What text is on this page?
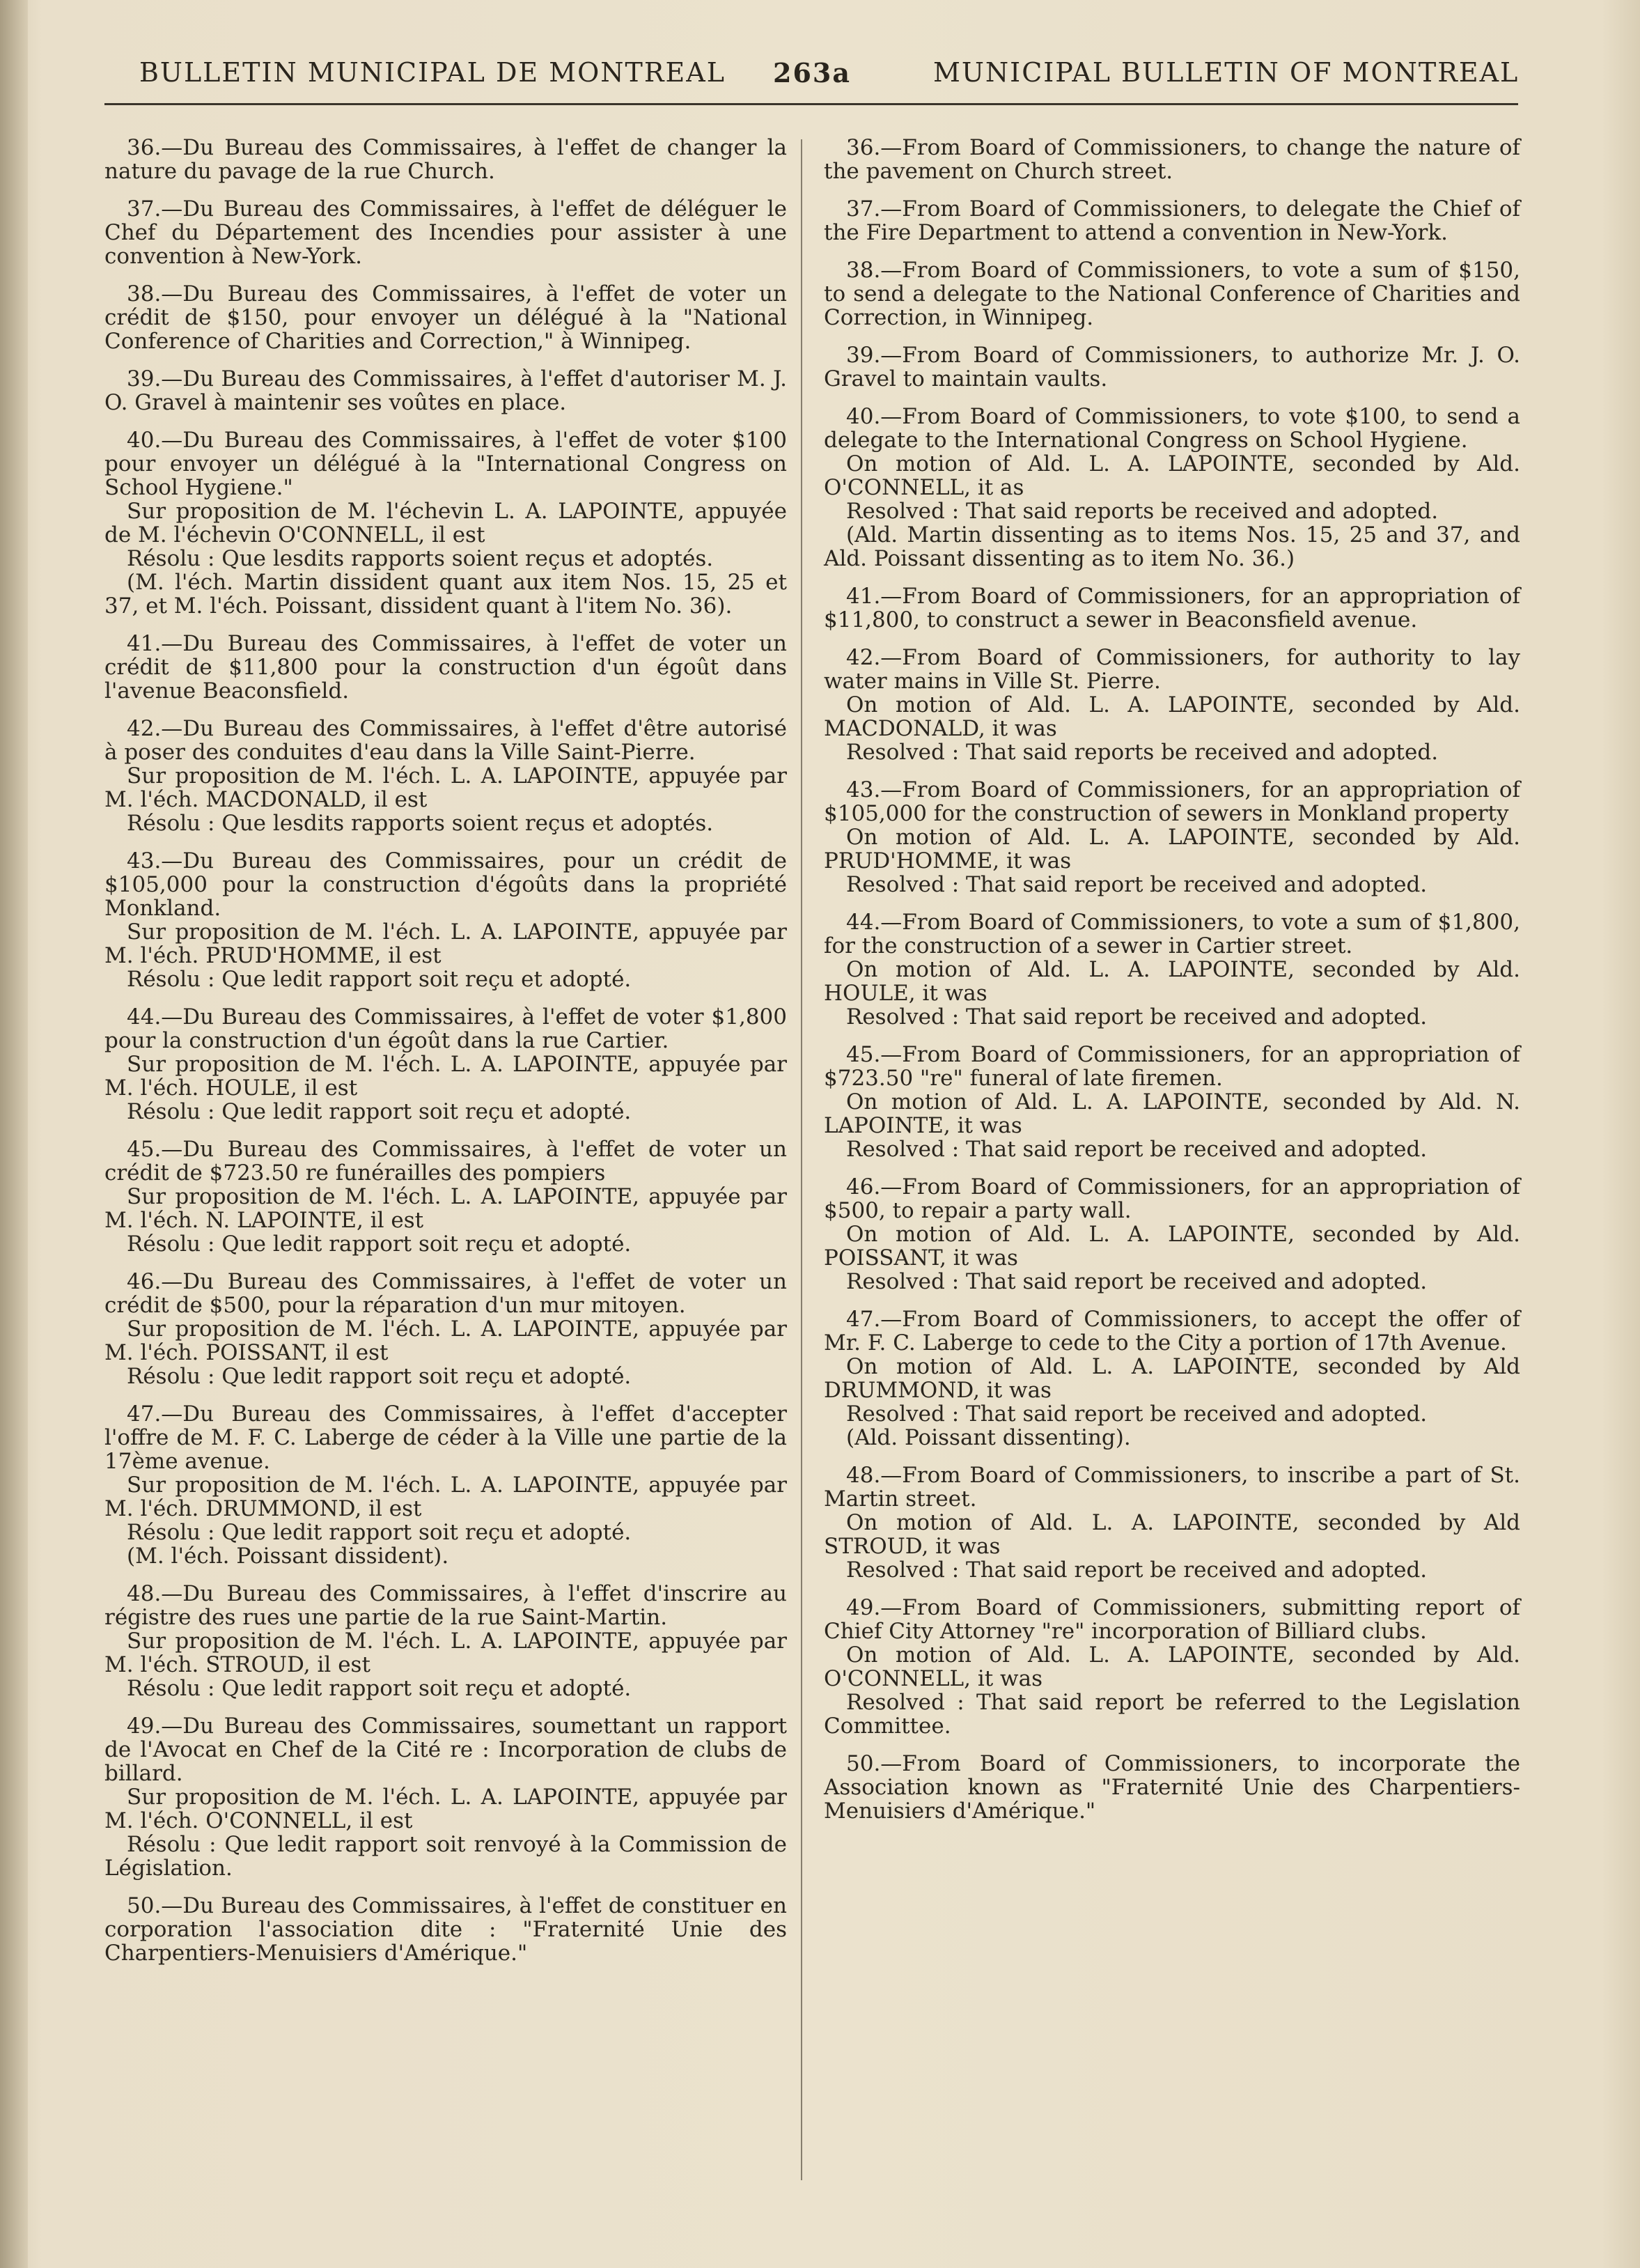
BULLETIN MUNICIPAL DE MONTREAL 263a	MUNICIPAL BULLETIN OF MONTREAL

36.—Du Bureau des Commissaires, à l'effet de changer la nature du pavage de la rue Church.

37.—Du Bureau des Commissaires, à l'effet de déléguer le Chef du Département des Incendies pour assister à une convention à New-York.

38.—Du Bureau des Commissaires, à l'effet de voter un crédit de $150, pour envoyer un délégué à la "National Conference of Charities and Correction," à Winnipeg.

39.—Du Bureau des Commissaires, à l'effet d'autoriser M. J. O. Gravel à maintenir ses voûtes en place.

40.—Du Bureau des Commissaires, à l'effet de voter $100 pour envoyer un délégué à la "International Congress on School Hygiene."

Sur proposition de M. l'échevin L. A. LAPOINTE, appuyée de M. l'échevin O'CONNELL, il est

Résolu : Que lesdits rapports soient reçus et adoptés.

(M. l'éch. Martin dissident quant aux item Nos. 15, 25 et 37, et M. l'éch. Poissant, dissident quant à l'item No. 36).

41.—Du Bureau des Commissaires, à l'effet de voter un crédit de $11,800 pour la construction d'un égoût dans l'avenue Beaconsfield.

42.—Du Bureau des Commissaires, à l'effet d'être autorisé à poser des conduites d'eau dans la Ville Saint-Pierre.

Sur proposition de M. l'éch. L. A. LAPOINTE, appuyée par M. l'éch. MACDONALD, il est

Résolu : Que lesdits rapports soient reçus et adoptés.

43.—Du Bureau des Commissaires, pour un crédit de $105,000 pour la construction d'égoûts dans la propriété Monkland.

Sur proposition de M. l'éch. L. A. LAPOINTE, appuyée par M. l'éch. PRUD'HOMME, il est

Résolu : Que ledit rapport soit reçu et adopté.

44.—Du Bureau des Commissaires, à l'effet de voter $1,800 pour la construction d'un égoût dans la rue Cartier.

Sur proposition de M. l'éch. L. A. LAPOINTE, appuyée par M. l'éch. HOULE, il est

Résolu : Que ledit rapport soit reçu et adopté.

45.—Du Bureau des Commissaires, à l'effet de voter un crédit de $723.50 re funérailles des pompiers

Sur proposition de M. l'éch. L. A. LAPOINTE, appuyée par M. l'éch. N. LAPOINTE, il est

Résolu : Que ledit rapport soit reçu et adopté.

46.—Du Bureau des Commissaires, à l'effet de voter un crédit de $500, pour la réparation d'un mur mitoyen.

Sur proposition de M. l'éch. L. A. LAPOINTE, appuyée par M. l'éch. POISSANT, il est

Résolu : Que ledit rapport soit reçu et adopté.

47.—Du Bureau des Commissaires, à l'effet d'accepter l'offre de M. F. C. Laberge de céder à la Ville une partie de la 17ème avenue.

Sur proposition de M. l'éch. L. A. LAPOINTE, appuyée par M. l'éch. DRUMMOND, il est

Résolu : Que ledit rapport soit reçu et adopté.

(M. l'éch. Poissant dissident).

48.—Du Bureau des Commissaires, à l'effet d'inscrire au régistre des rues une partie de la rue Saint-Martin.

Sur proposition de M. l'éch. L. A. LAPOINTE, appuyée par M. l'éch. STROUD, il est

Résolu : Que ledit rapport soit reçu et adopté.

49.—Du Bureau des Commissaires, soumettant un rapport de l'Avocat en Chef de la Cité re : Incorporation de clubs de billard.

Sur proposition de M. l'éch. L. A. LAPOINTE, appuyée par M. l'éch. O'CONNELL, il est

Résolu : Que ledit rapport soit renvoyé à la Commission de Législation.

50.—Du Bureau des Commissaires, à l'effet de constituer en corporation l'association dite : "Fraternité Unie des Charpentiers-Menuisiers d'Amérique."

36.—From Board of Commissioners, to change the nature of the pavement on Church street.

37.—From Board of Commissioners, to delegate the Chief of the Fire Department to attend a convention in New-York.

38.—From Board of Commissioners, to vote a sum of $150, to send a delegate to the National Conference of Charities and Correction, in Winnipeg.

39.—From Board of Commissioners, to authorize Mr. J. O. Gravel to maintain vaults.

40.—From Board of Commissioners, to vote $100, to send a delegate to the International Congress on School Hygiene.

On motion of Ald. L. A. LAPOINTE, seconded by Ald. O'CONNELL, it as

Resolved : That said reports be received and adopted.

(Ald. Martin dissenting as to items Nos. 15, 25 and 37, and Ald. Poissant dissenting as to item No. 36.)

41.—From Board of Commissioners, for an appropriation of $11,800, to construct a sewer in Beaconsfield avenue.

42.—From Board of Commissioners, for authority to lay water mains in Ville St. Pierre.

On motion of Ald. L. A. LAPOINTE, seconded by Ald. MACDONALD, it was

Resolved : That said reports be received and adopted.

43.—From Board of Commissioners, for an appropriation of $105,000 for the construction of sewers in Monkland property

On motion of Ald. L. A. LAPOINTE, seconded by Ald. PRUD'HOMME, it was

Resolved : That said report be received and adopted.

44.—From Board of Commissioners, to vote a sum of $1,800, for the construction of a sewer in Cartier street.

On motion of Ald. L. A. LAPOINTE, seconded by Ald. HOULE, it was

Resolved : That said report be received and adopted.

45.—From Board of Commissioners, for an appropriation of $723.50 "re" funeral of late firemen.

On motion of Ald. L. A. LAPOINTE, seconded by Ald. N. LAPOINTE, it was

Resolved : That said report be received and adopted.

46.—From Board of Commissioners, for an appropriation of $500, to repair a party wall.

On motion of Ald. L. A. LAPOINTE, seconded by Ald. POISSANT, it was

Resolved : That said report be received and adopted.

47.—From Board of Commissioners, to accept the offer of Mr. F. C. Laberge to cede to the City a portion of 17th Avenue.

On motion of Ald. L. A. LAPOINTE, seconded by Ald DRUMMOND, it was

Resolved : That said report be received and adopted.

(Ald. Poissant dissenting).

48.—From Board of Commissioners, to inscribe a part of St. Martin street.

On motion of Ald. L. A. LAPOINTE, seconded by Ald STROUD, it was

Resolved : That said report be received and adopted.

49.—From Board of Commissioners, submitting report of Chief City Attorney "re" incorporation of Billiard clubs.

On motion of Ald. L. A. LAPOINTE, seconded by Ald. O'CONNELL, it was

Resolved : That said report be referred to the Legislation Committee.

50.—From Board of Commissioners, to incorporate the Association known as "Fraternité Unie des Charpentiers-Menuisiers d'Amérique."
